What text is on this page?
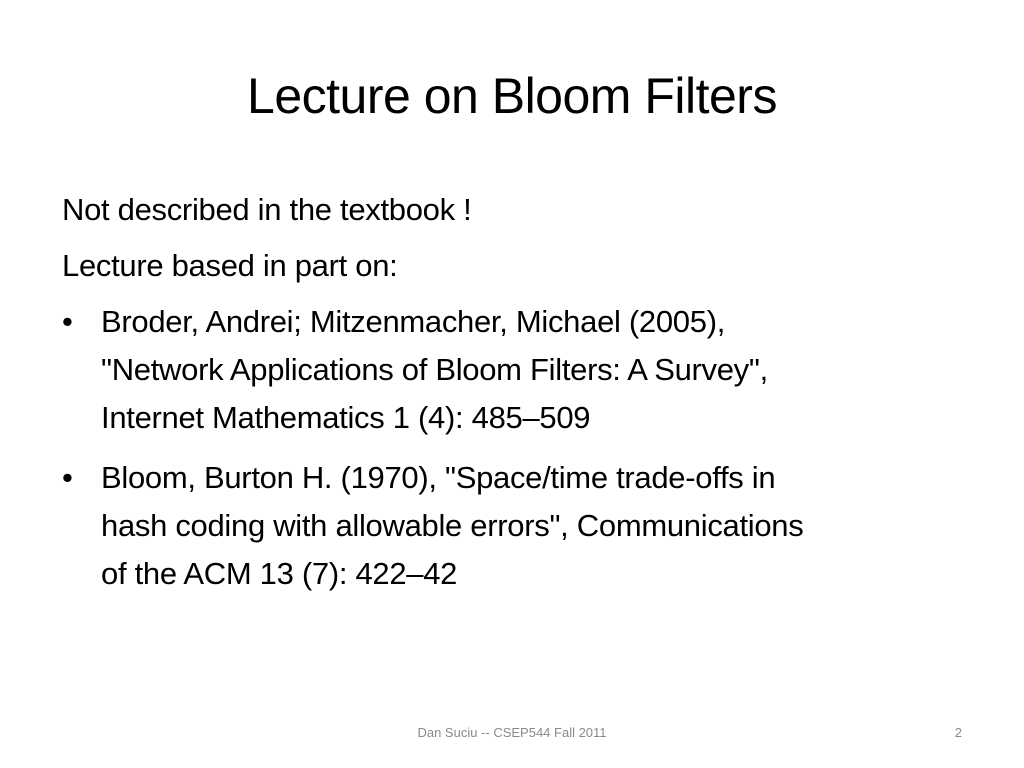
Lecture on Bloom Filters

Not described in the textbook !

Lecture based in part on:

• Broder, Andrei; Mitzenmacher, Michael (2005),
"Network Applications of Bloom Filters: A Survey",
Internet Mathematics 1 (4): 485–509
• Bloom, Burton H. (1970), "Space/time trade-offs in
hash coding with allowable errors", Communications
of the ACM 13 (7): 422–42
Dan Suciu -- CSEP544 Fall 2011	2
